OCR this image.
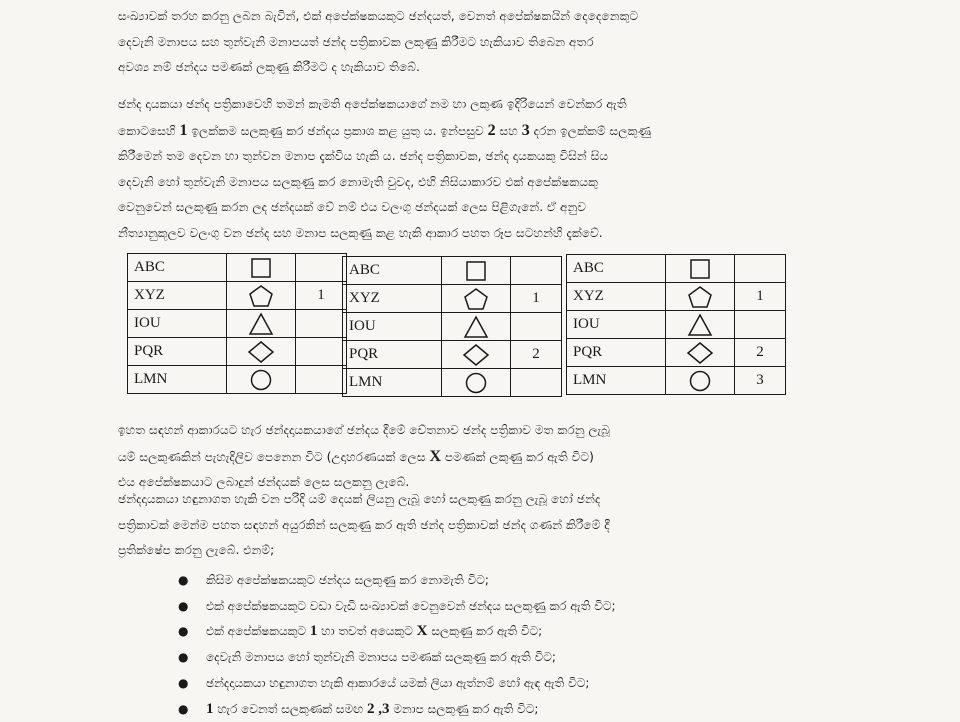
සංඛ්‍යාවක් තරහ කරනු ලබන බැවින්, එක් අපේක්ෂකයකුට ඡන්දයත්, වෙනත් අපේක්ෂකයින් දෙදෙනෙකුට
දෙවැනි මනාපය සහ තුන්වැනි මනාපයත් ඡන්ද පත්‍රිකාවක ලකුණු කිරීමට හැකියාව තිබෙන අතර
අවශ්‍ය නම් ඡන්දය පමණක් ලකුණු කිරීමට ද හැකියාව තිබේ.
ඡන්ද දායකයා ඡන්ද පත්‍රිකාවෙහි තමන් කැමති අපේක්ෂකයාගේ නම හා ලකුණ ඉදිරියෙන් වෙන්කර ඇති
කොටසෙහි 1 ඉලක්කම සලකුණු කර ඡන්දය ප්‍රකාශ කළ යුතු ය. ඉන්පසුව 2 සහ 3 දරන ඉලක්කම් සලකුණු
කිරීමෙන් තම දෙවන හා තුන්වන මනාප දැක්විය හැකි ය. ඡන්ද පත්‍රිකාවක, ඡන්ද දායකයකු විසින් සිය
දෙවැනි හෝ තුන්වැනි මනාපය සලකුණු කර නොමැති වුවද, එහි නිසියාකාරව එක් අපේක්ෂකයකු
වෙනුවෙන් සලකුණු කරන ලද ඡන්දයක් වේ නම් එය වලංගු ඡන්දයක් ලෙස පිළිගැනේ. ඒ අනුව
නීත්‍යානුකූලව වලංගු වන ඡන්ද සහ මනාප සලකුණු කළ හැකි ආකාර පහත රූප සටහන්හි දැක්වේ.
ABC	

XYZ		1
IOU	

PQR	

LMN	

ABC	

XYZ		1
IOU	

PQR		2
LMN	

ABC	

XYZ		1
IOU	

PQR		2
LMN		3
ඉහත සඳහන් ආකාරයට හැර ඡන්දදායකයාගේ ඡන්දය දීමේ චේතනාව ඡන්ද පත්‍රිකාව මත කරනු ලැබූ
යම් සලකුණකින් පැහැදිලිව පෙනෙන විට (උදාහරණයක් ලෙස X පමණක් ලකුණු කර ඇති විට)
එය අපේක්ෂකයාට ලබාදුන් ඡන්දයක් ලෙස සලකනු ලැබේ.
ඡන්දදායකයා හඳුනාගත හැකි වන පරිදි යම් දෙයක් ලියනු ලැබූ හෝ සලකුණු කරනු ලැබූ හෝ ඡන්ද
පත්‍රිකාවක් මෙන්ම පහත සඳහන් අයුරකින් සලකුණු කර ඇති ඡන්ද පත්‍රිකාවක් ඡන්ද ගණන් කිරීමේ දී
ප්‍රතික්ෂේප කරනු ලැබේ. එනම්;
● කිසිම අපේක්ෂකයකුට ඡන්දය සලකුණු කර නොමැති විට;
● එක් අපේක්ෂකයකුට වඩා වැඩි සංඛ්‍යාවක් වෙනුවෙන් ඡන්දය සලකුණු කර ඇති විට;
● එක් අපේක්ෂකයකුට 1 හා තවත් අයෙකුට X සලකුණු කර ඇති විට;
● දෙවැනි මනාපය හෝ තුන්වැනි මනාපය පමණක් සලකුණු කර ඇති විට;
● ඡන්දදායකයා හඳුනාගත හැකි ආකාරයේ යමක් ලියා ඇත්නම් හෝ ඇඳ ඇති විට;
● 1 හැර වෙනත් සලකුණක් සමඟ 2 ,3 මනාප සලකුණු කර ඇති විට;
